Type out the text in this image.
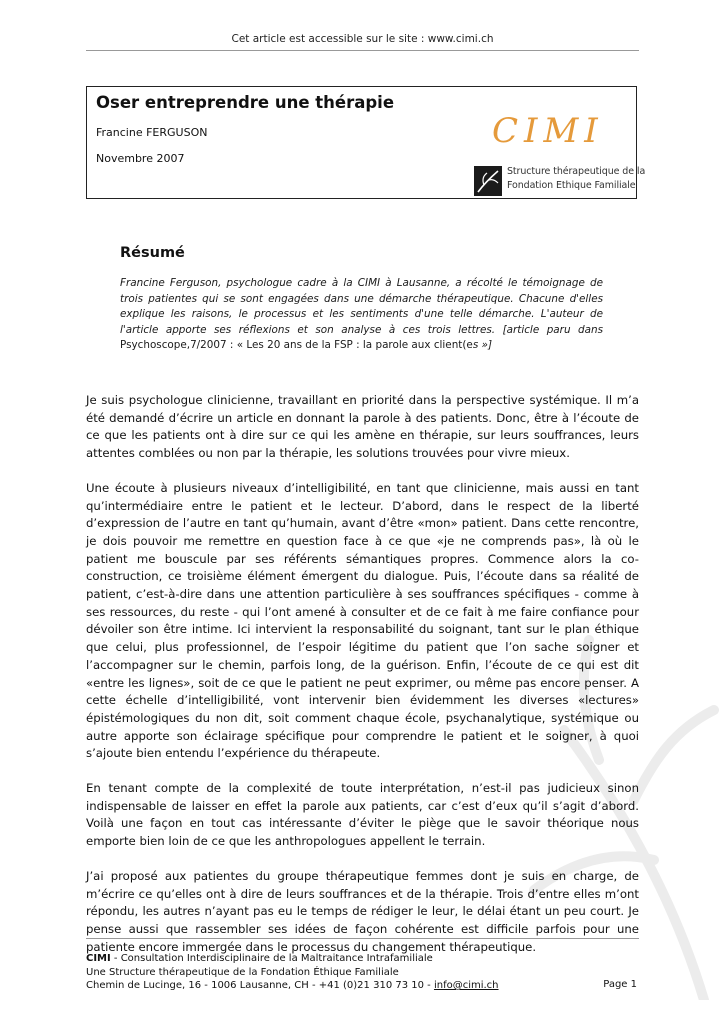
Cet article est accessible sur le site : www.cimi.ch
Oser entreprendre une thérapie
Francine FERGUSON
Novembre 2007
CIMI
Structure thérapeutique de la
Fondation Ethique Familiale
Résumé
Francine Ferguson, psychologue cadre à la CIMI à Lausanne, a récolté le témoignage de trois patientes qui se sont engagées dans une démarche thérapeutique. Chacune d'elles explique les raisons, le processus et les sentiments d'une telle démarche. L'auteur de l'article apporte ses réflexions et son analyse à ces trois lettres. [article paru dans Psychoscope,7/2007 : « Les 20 ans de la FSP : la parole aux client(es »]

Je suis psychologue clinicienne, travaillant en priorité dans la perspective systémique. Il m’a été demandé d’écrire un article en donnant la parole à des patients. Donc, être à l’écoute de ce que les patients ont à dire sur ce qui les amène en thérapie, sur leurs souffrances, leurs attentes comblées ou non par la thérapie, les solutions trouvées pour vivre mieux.

Une écoute à plusieurs niveaux d’intelligibilité, en tant que clinicienne, mais aussi en tant qu’intermédiaire entre le patient et le lecteur. D’abord, dans le respect de la liberté d’expression de l’autre en tant qu’humain, avant d’être «mon» patient. Dans cette rencontre, je dois pouvoir me remettre en question face à ce que «je ne comprends pas», là où le patient me bouscule par ses référents sémantiques propres. Commence alors la co-construction, ce troisième élément émergent du dialogue. Puis, l’écoute dans sa réalité de patient, c’est-à-dire dans une attention particulière à ses souffrances spécifiques - comme à ses ressources, du reste - qui l’ont amené à consulter et de ce fait à me faire confiance pour dévoiler son être intime. Ici intervient la responsabilité du soignant, tant sur le plan éthique que celui, plus professionnel, de l’espoir légitime du patient que l’on sache soigner et l’accompagner sur le chemin, parfois long, de la guérison. Enfin, l’écoute de ce qui est dit «entre les lignes», soit de ce que le patient ne peut exprimer, ou même pas encore penser. A cette échelle d’intelligibilité, vont intervenir bien évidemment les diverses «lectures» épistémologiques du non dit, soit comment chaque école, psychanalytique, systémique ou autre apporte son éclairage spécifique pour comprendre le patient et le soigner, à quoi s’ajoute bien entendu l’expérience du thérapeute.

En tenant compte de la complexité de toute interprétation, n’est-il pas judicieux sinon indispensable de laisser en effet la parole aux patients, car c’est d’eux qu’il s’agit d’abord. Voilà une façon en tout cas intéressante d’éviter le piège que le savoir théorique nous emporte bien loin de ce que les anthropologues appellent le terrain.

J’ai proposé aux patientes du groupe thérapeutique femmes dont je suis en charge, de m’écrire ce qu’elles ont à dire de leurs souffrances et de la thérapie. Trois d’entre elles m’ont répondu, les autres n’ayant pas eu le temps de rédiger le leur, le délai étant un peu court. Je pense aussi que rassembler ses idées de façon cohérente est difficile parfois pour une patiente encore immergée dans le processus du changement thérapeutique.

CIMI - Consultation Interdisciplinaire de la Maltraitance Intrafamiliale
Une Structure thérapeutique de la Fondation Éthique Familiale
Chemin de Lucinge, 16 - 1006 Lausanne, CH - +41 (0)21 310 73 10 - info@cimi.ch	Page 1
